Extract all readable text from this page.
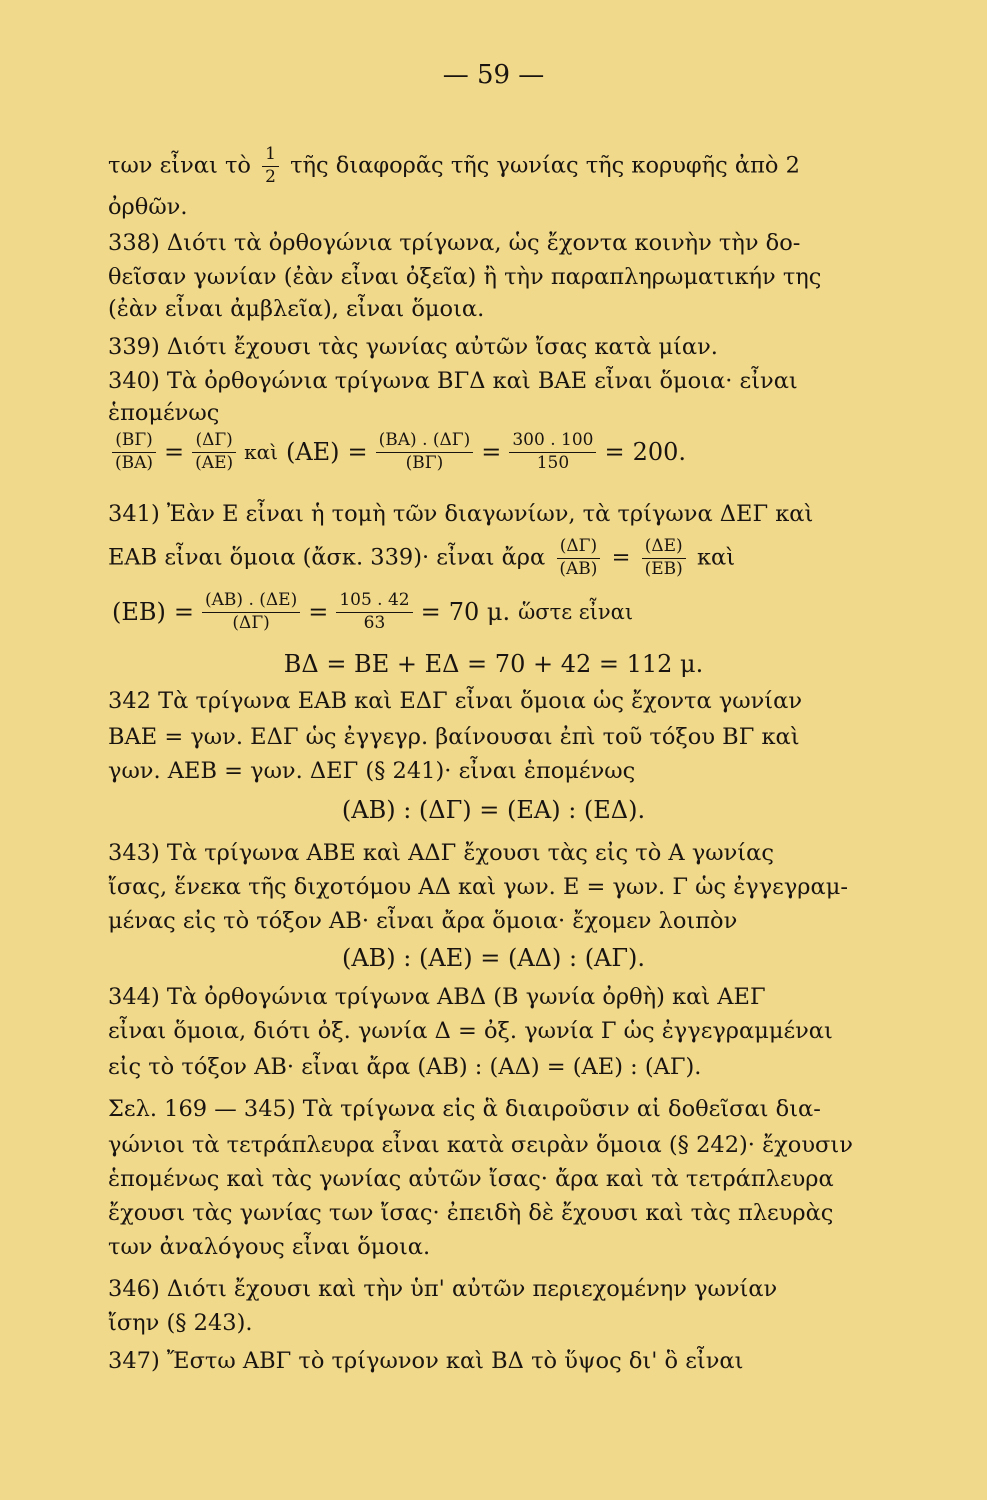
— 59 —
των εἶναι τὸ $\frac{1}{2}$ τῆς διαφορᾶς τῆς γωνίας τῆς κορυφῆς ἀπὸ 2
ὀρθῶν.
338) Διότι τὰ ὀρθογώνια τρίγωνα, ὡς ἔχοντα κοινὴν τὴν δο-
θεῖσαν γωνίαν (ἐὰν εἶναι ὀξεῖα) ἢ τὴν παραπληρωματικήν της
(ἐὰν εἶναι ἀμβλεῖα), εἶναι ὅμοια.
339) Διότι ἔχουσι τὰς γωνίας αὐτῶν ἴσας κατὰ μίαν.
340) Τὰ ὀρθογώνια τρίγωνα ΒΓΔ καὶ ΒΑΕ εἶναι ὅμοια· εἶναι
ἑπομένως
$\frac{(B\Gamma)}{(BA)} = \frac{(\Delta\Gamma)}{(AE)}$ καὶ $(AE) = \frac{(BA) . (\Delta\Gamma)}{(B\Gamma)} = \frac{300 . 100}{150} = 200$.
341) Ἐὰν Ε εἶναι ἡ τομὴ τῶν διαγωνίων, τὰ τρίγωνα ΔΕΓ καὶ
ΕΑΒ εἶναι ὅμοια (ἄσκ. 339)· εἶναι ἄρα $\frac{(\Delta\Gamma)}{(AB)} = \frac{(\Delta E)}{(EB)}$ καὶ
$(EB) = \frac{(AB) . (\Delta E)}{(\Delta\Gamma)} = \frac{105 . 42}{63} = 70$ μ. ὥστε εἶναι
ΒΔ = ΒΕ + ΕΔ = 70 + 42 = 112 μ.
342 Τὰ τρίγωνα ΕΑΒ καὶ ΕΔΓ εἶναι ὅμοια ὡς ἔχοντα γωνίαν
ΒΑΕ = γων. ΕΔΓ ὡς ἐγγεγρ. βαίνουσαι ἐπὶ τοῦ τόξου ΒΓ καὶ
γων. ΑΕΒ = γων. ΔΕΓ (§ 241)· εἶναι ἑπομένως
(ΑΒ) : (ΔΓ) = (ΕΑ) : (ΕΔ).
343) Τὰ τρίγωνα ΑΒΕ καὶ ΑΔΓ ἔχουσι τὰς εἰς τὸ Α γωνίας
ἴσας, ἕνεκα τῆς διχοτόμου ΑΔ καὶ γων. Ε = γων. Γ ὡς ἐγγεγραμ-
μένας εἰς τὸ τόξον ΑΒ· εἶναι ἄρα ὅμοια· ἔχομεν λοιπὸν
(ΑΒ) : (ΑΕ) = (ΑΔ) : (ΑΓ).
344) Τὰ ὀρθογώνια τρίγωνα ΑΒΔ (Β γωνία ὀρθὴ) καὶ ΑΕΓ
εἶναι ὅμοια, διότι ὀξ. γωνία Δ = ὀξ. γωνία Γ ὡς ἐγγεγραμμέναι
εἰς τὸ τόξον ΑΒ· εἶναι ἄρα (ΑΒ) : (ΑΔ) = (ΑΕ) : (ΑΓ).
Σελ. 169 — 345) Τὰ τρίγωνα εἰς ἃ διαιροῦσιν αἱ δοθεῖσαι δια-
γώνιοι τὰ τετράπλευρα εἶναι κατὰ σειρὰν ὅμοια (§ 242)· ἔχουσιν
ἑπομένως καὶ τὰς γωνίας αὐτῶν ἴσας· ἄρα καὶ τὰ τετράπλευρα
ἔχουσι τὰς γωνίας των ἴσας· ἐπειδὴ δὲ ἔχουσι καὶ τὰς πλευρὰς
των ἀναλόγους εἶναι ὅμοια.
346) Διότι ἔχουσι καὶ τὴν ὑπ' αὐτῶν περιεχομένην γωνίαν
ἴσην (§ 243).
347) Ἔστω ΑΒΓ τὸ τρίγωνον καὶ ΒΔ τὸ ὕψος δι' ὃ εἶναι
